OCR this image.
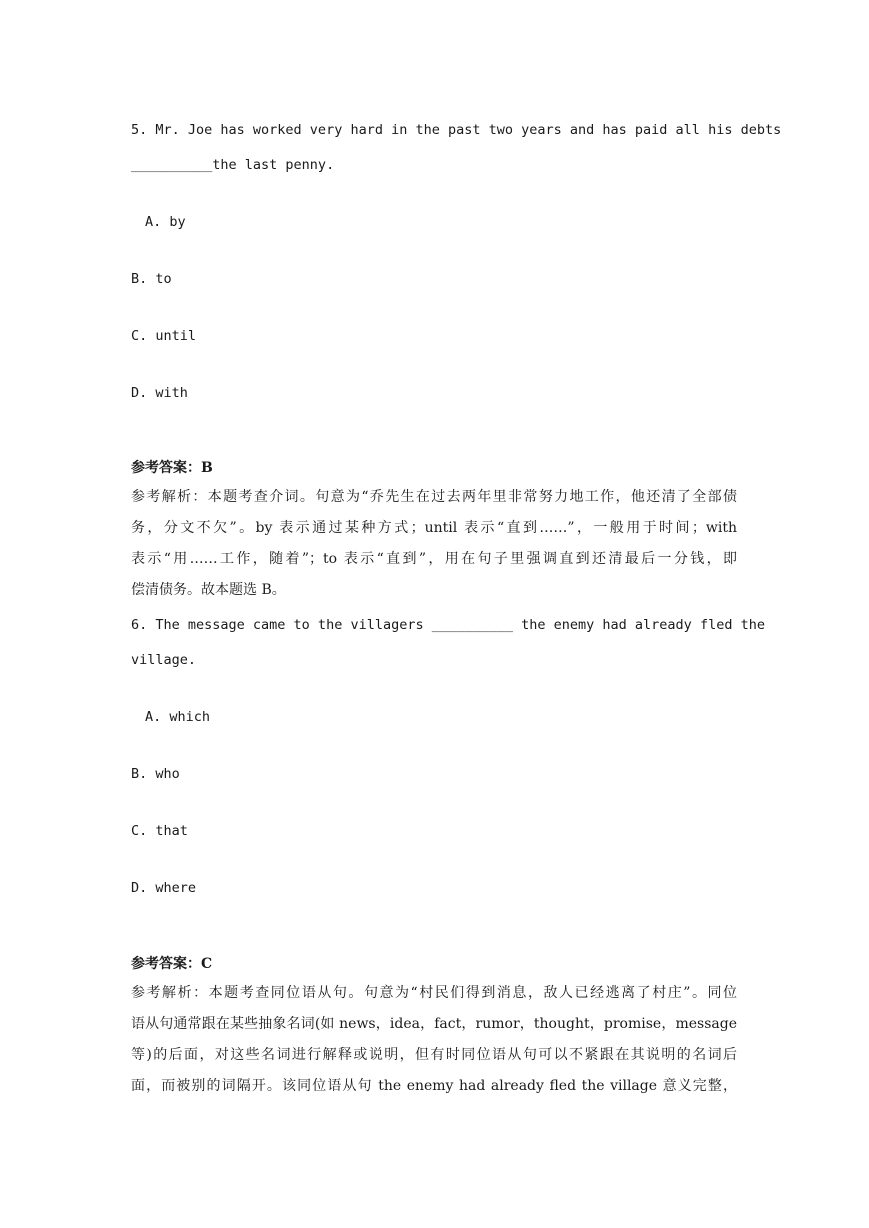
5. Mr. Joe has worked very hard in the past two years and has paid all his debts
__________the last penny.
A. by
B. to
C. until
D. with
参考答案：B
参考解析：本题考查介词。句意为“乔先生在过去两年里非常努力地工作，他还清了全部债
务，分文不欠”。by 表示通过某种方式；until 表示“直到……”，一般用于时间；with
表示“用……工作，随着”；to 表示“直到”，用在句子里强调直到还清最后一分钱，即
偿清债务。故本题选 B。
6. The message came to the villagers __________ the enemy had already fled the
village.
A. which
B. who
C. that
D. where
参考答案：C
参考解析：本题考查同位语从句。句意为“村民们得到消息，敌人已经逃离了村庄”。同位
语从句通常跟在某些抽象名词(如 news，idea，fact，rumor，thought，promise，message
等)的后面，对这些名词进行解释或说明，但有时同位语从句可以不紧跟在其说明的名词后
面，而被别的词隔开。该同位语从句 the enemy had already fled the village 意义完整，
